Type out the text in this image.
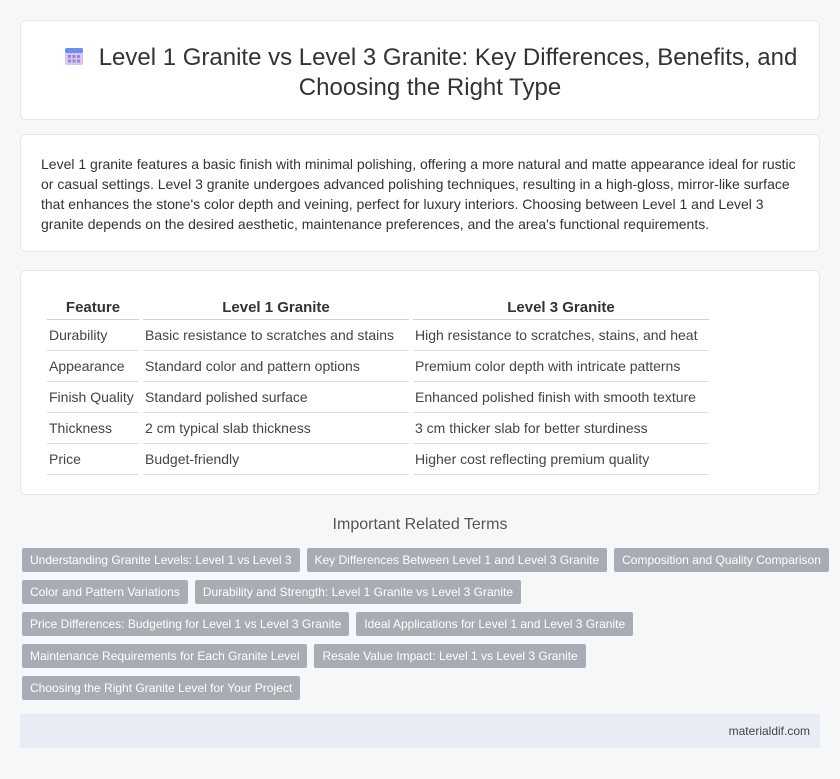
Level 1 Granite vs Level 3 Granite: Key Differences, Benefits, and Choosing the Right Type

Level 1 granite features a basic finish with minimal polishing, offering a more natural and matte appearance ideal for rustic or casual settings. Level 3 granite undergoes advanced polishing techniques, resulting in a high-gloss, mirror-like surface that enhances the stone's color depth and veining, perfect for luxury interiors. Choosing between Level 1 and Level 3 granite depends on the desired aesthetic, maintenance preferences, and the area's functional requirements.

Feature	Level 1 Granite	Level 3 Granite
Durability	Basic resistance to scratches and stains	High resistance to scratches, stains, and heat
Appearance	Standard color and pattern options	Premium color depth with intricate patterns
Finish Quality	Standard polished surface	Enhanced polished finish with smooth texture
Thickness	2 cm typical slab thickness	3 cm thicker slab for better sturdiness
Price	Budget-friendly	Higher cost reflecting premium quality
Important Related Terms
Understanding Granite Levels: Level 1 vs Level 3	Key Differences Between Level 1 and Level 3 Granite	Composition and Quality Comparison
Color and Pattern Variations	Durability and Strength: Level 1 Granite vs Level 3 Granite
Price Differences: Budgeting for Level 1 vs Level 3 Granite	Ideal Applications for Level 1 and Level 3 Granite
Maintenance Requirements for Each Granite Level	Resale Value Impact: Level 1 vs Level 3 Granite
Choosing the Right Granite Level for Your Project
materialdif.com
